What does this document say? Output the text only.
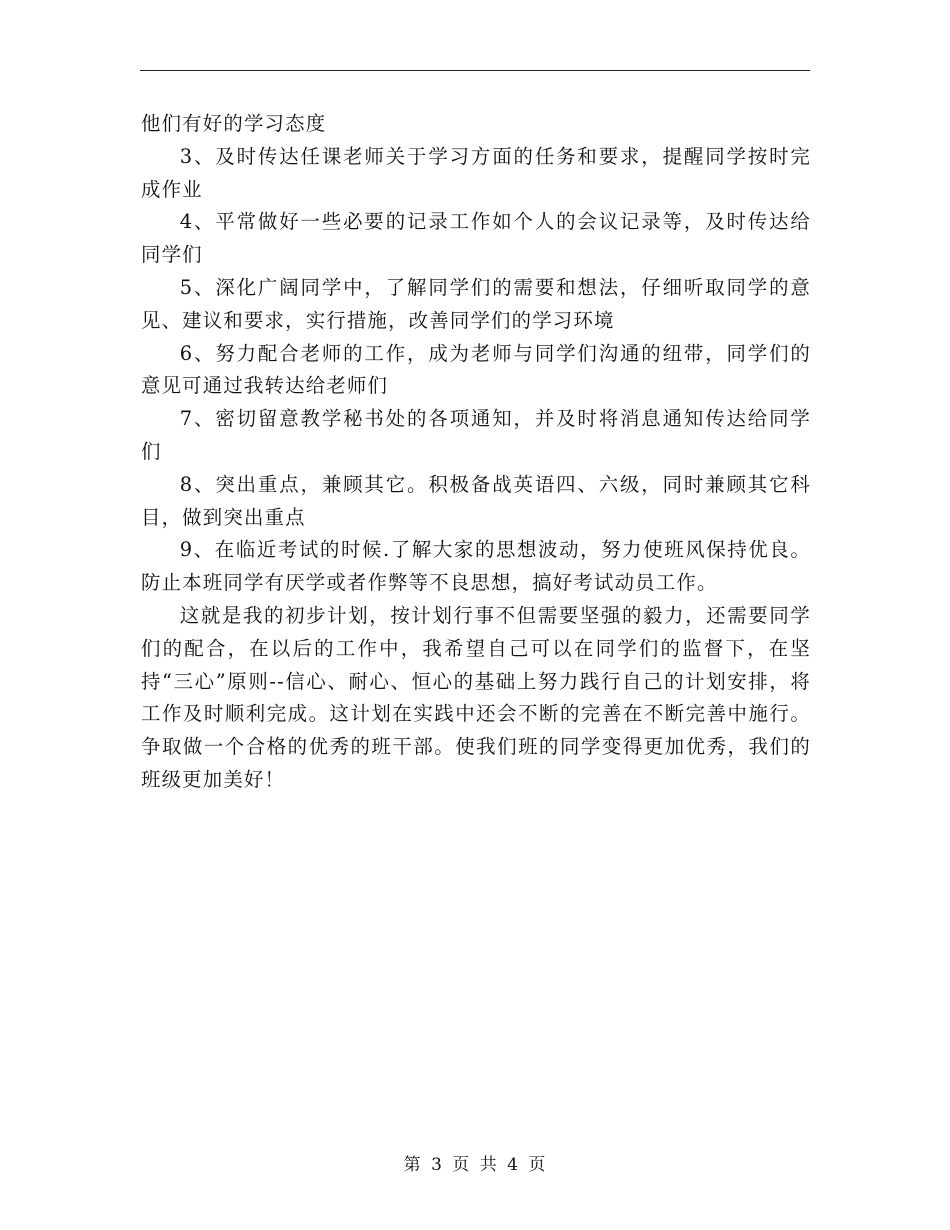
他们有好的学习态度

3、及时传达任课老师关于学习方面的任务和要求，提醒同学按时完成作业

4、平常做好一些必要的记录工作如个人的会议记录等，及时传达给同学们

5、深化广阔同学中，了解同学们的需要和想法，仔细听取同学的意见、建议和要求，实行措施，改善同学们的学习环境

6、努力配合老师的工作，成为老师与同学们沟通的纽带，同学们的意见可通过我转达给老师们

7、密切留意教学秘书处的各项通知，并及时将消息通知传达给同学们

8、突出重点，兼顾其它。积极备战英语四、六级，同时兼顾其它科目，做到突出重点

9、在临近考试的时候.了解大家的思想波动，努力使班风保持优良。防止本班同学有厌学或者作弊等不良思想，搞好考试动员工作。

这就是我的初步计划，按计划行事不但需要坚强的毅力，还需要同学们的配合，在以后的工作中，我希望自己可以在同学们的监督下，在坚持“三心”原则--信心、耐心、恒心的基础上努力践行自己的计划安排，将工作及时顺利完成。这计划在实践中还会不断的完善在不断完善中施行。争取做一个合格的优秀的班干部。使我们班的同学变得更加优秀，我们的班级更加美好！

第 3 页 共 4 页
